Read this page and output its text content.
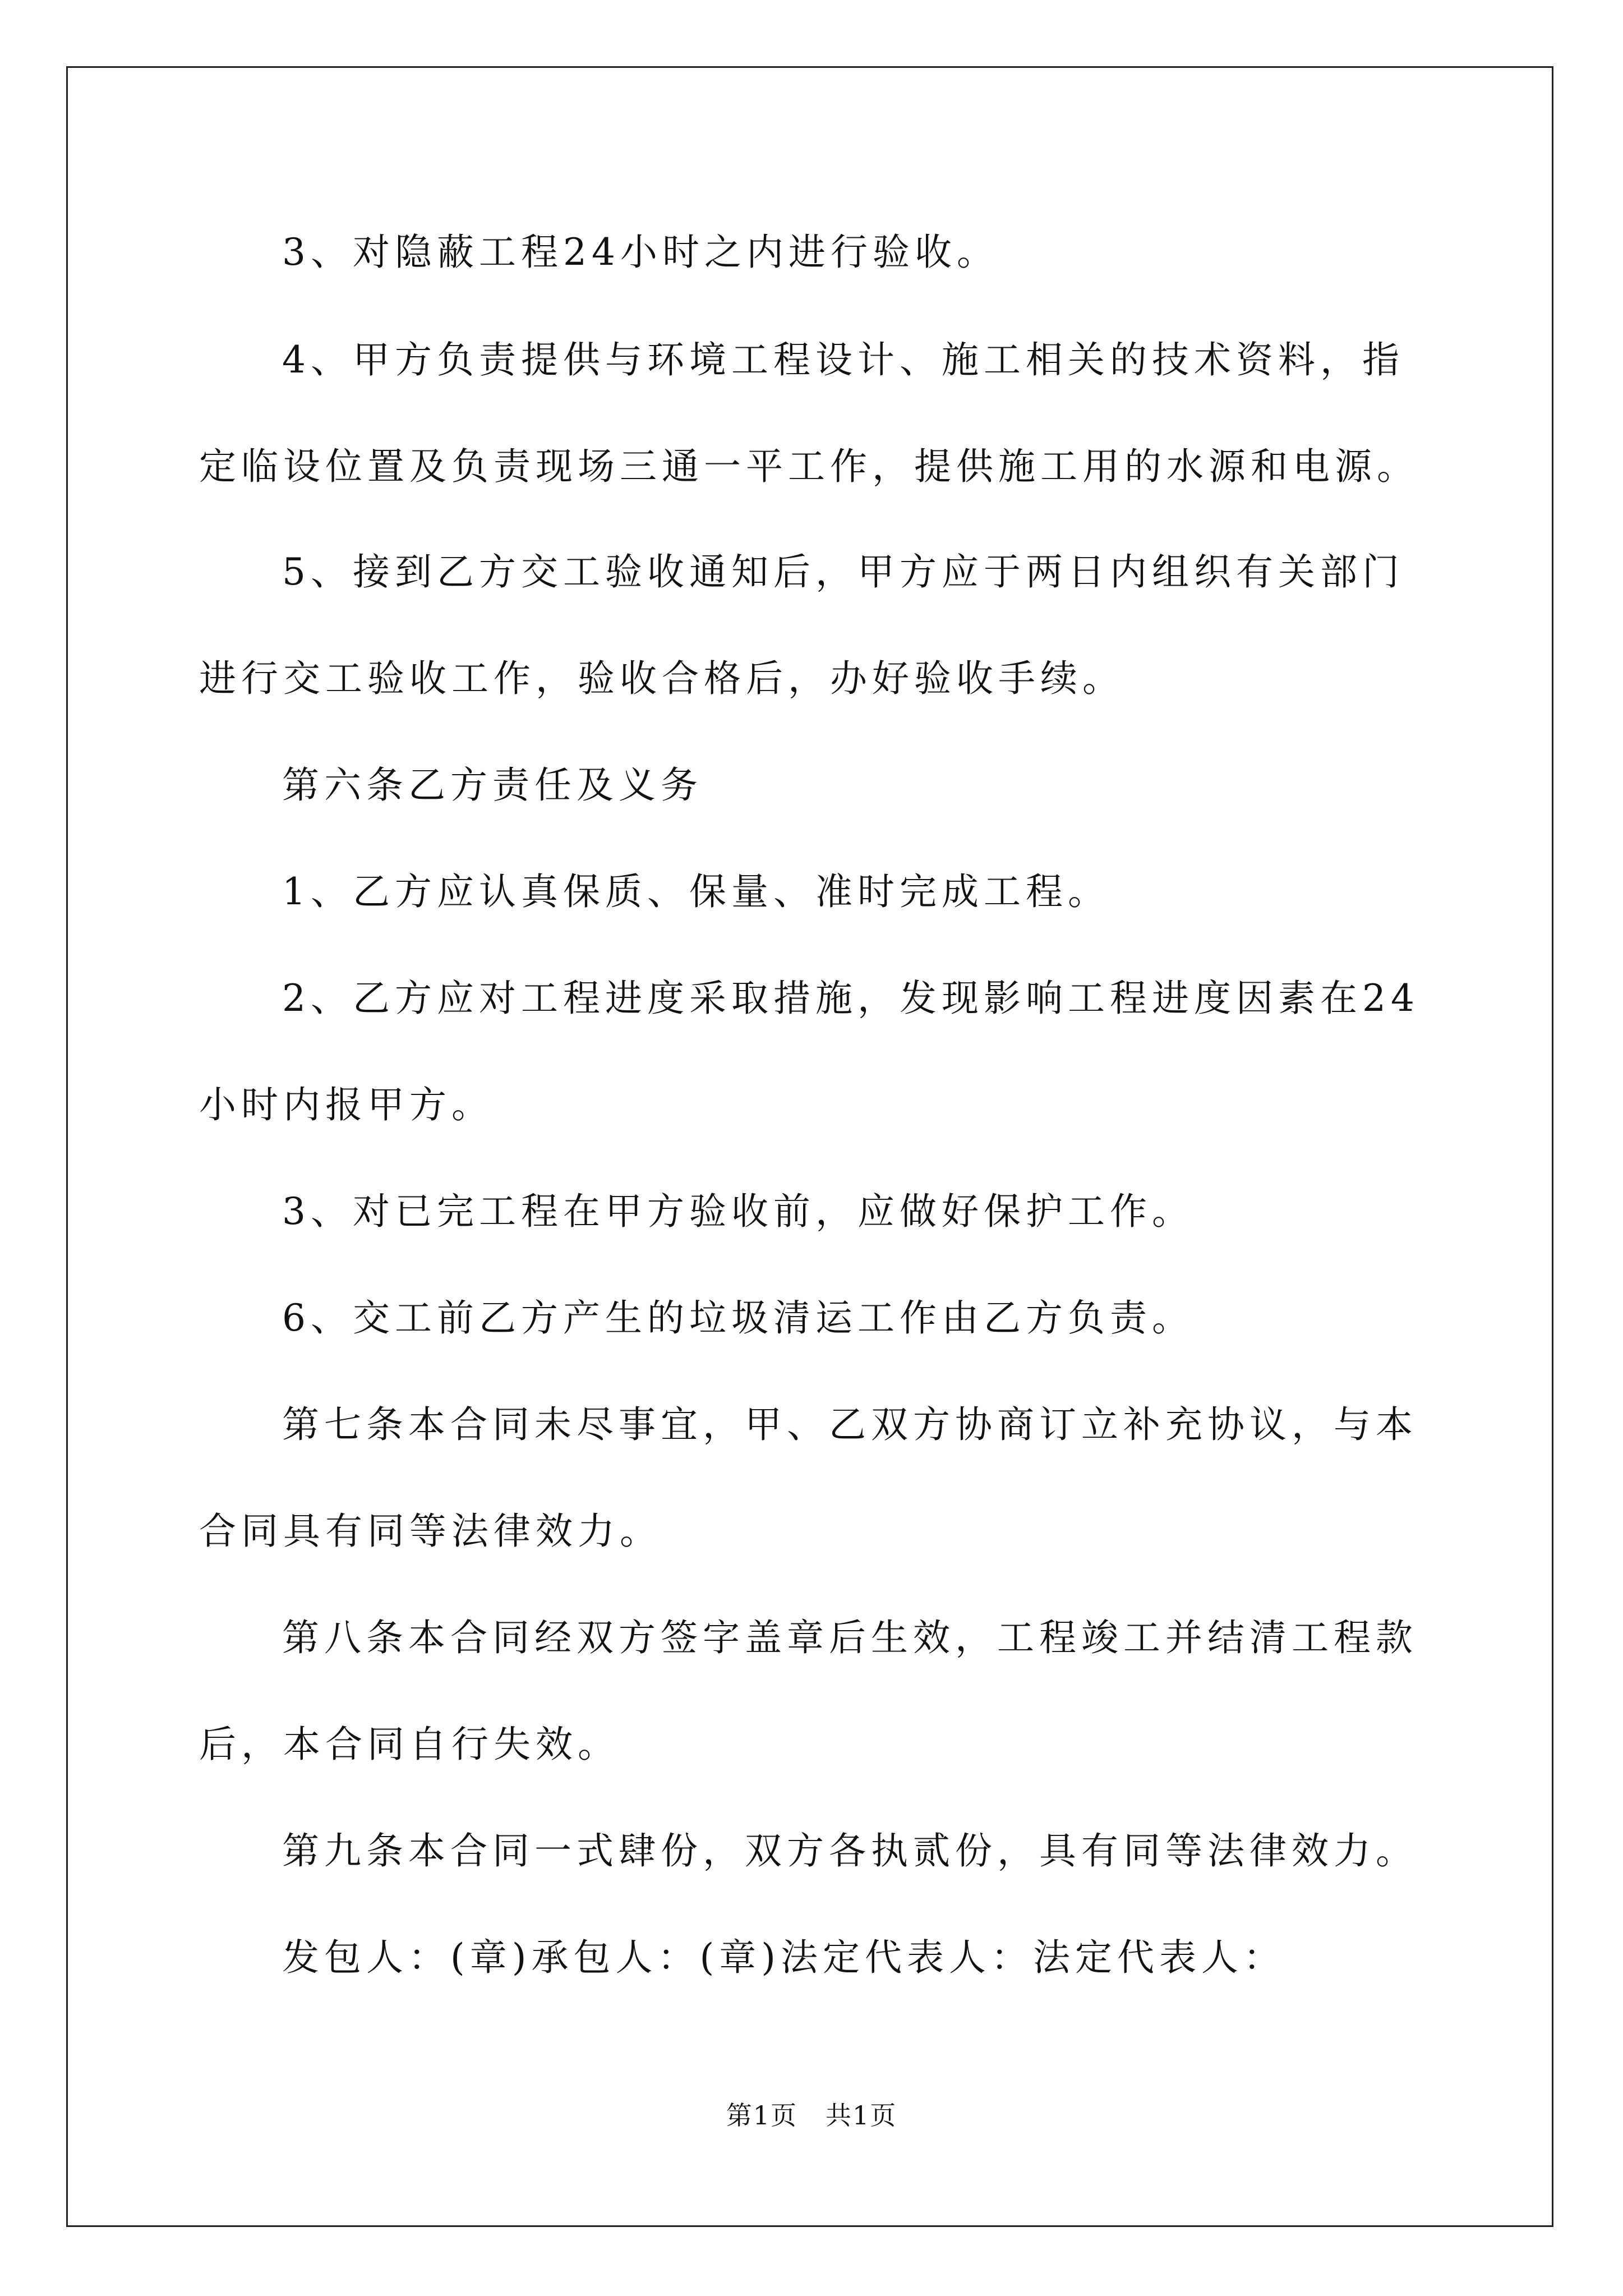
3、对隐蔽工程24小时之内进行验收。

4、甲方负责提供与环境工程设计、施工相关的技术资料，指定临设位置及负责现场三通一平工作，提供施工用的水源和电源。

5、接到乙方交工验收通知后，甲方应于两日内组织有关部门进行交工验收工作，验收合格后，办好验收手续。

第六条乙方责任及义务

1、乙方应认真保质、保量、准时完成工程。

2、乙方应对工程进度采取措施，发现影响工程进度因素在24小时内报甲方。

3、对已完工程在甲方验收前，应做好保护工作。

6、交工前乙方产生的垃圾清运工作由乙方负责。

第七条本合同未尽事宜，甲、乙双方协商订立补充协议，与本合同具有同等法律效力。

第八条本合同经双方签字盖章后生效，工程竣工并结清工程款后，本合同自行失效。

第九条本合同一式肆份，双方各执贰份，具有同等法律效力。

发包人：(章)承包人：(章)法定代表人：法定代表人：

第1页 共1页
